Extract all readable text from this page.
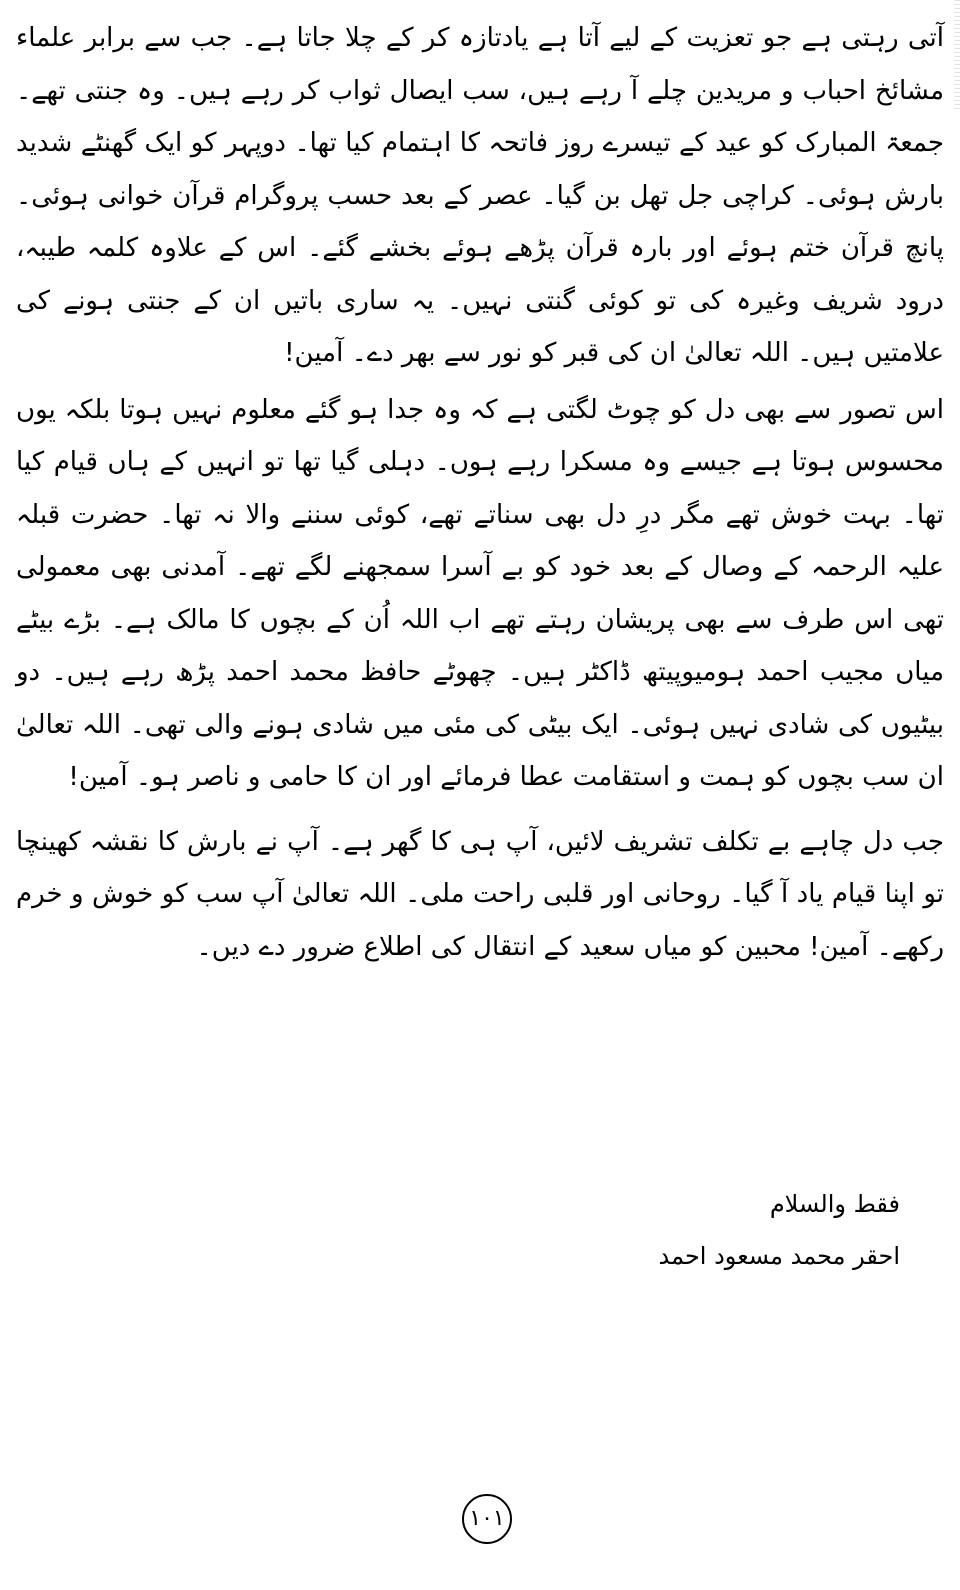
آتی رہتی ہے جو تعزیت کے لیے آتا ہے یادتازہ کر کے چلا جاتا ہے۔ جب سے برابر علماء مشائخ احباب و مریدین چلے آ رہے ہیں، سب ایصال ثواب کر رہے ہیں۔ وہ جنتی تھے۔ جمعۃ المبارک کو عید کے تیسرے روز فاتحہ کا اہتمام کیا تھا۔ دوپہر کو ایک گھنٹے شدید بارش ہوئی۔ کراچی جل تھل بن گیا۔ عصر کے بعد حسب پروگرام قرآن خوانی ہوئی۔ پانچ قرآن ختم ہوئے اور بارہ قرآن پڑھے ہوئے بخشے گئے۔ اس کے علاوہ کلمہ طیبہ، درود شریف وغیرہ کی تو کوئی گنتی نہیں۔ یہ ساری باتیں ان کے جنتی ہونے کی علامتیں ہیں۔ اللہ تعالیٰ ان کی قبر کو نور سے بھر دے۔ آمین!

اس تصور سے بھی دل کو چوٹ لگتی ہے کہ وہ جدا ہو گئے معلوم نہیں ہوتا بلکہ یوں محسوس ہوتا ہے جیسے وہ مسکرا رہے ہوں۔ دہلی گیا تھا تو انہیں کے ہاں قیام کیا تھا۔ بہت خوش تھے مگر درِ دل بھی سناتے تھے، کوئی سننے والا نہ تھا۔ حضرت قبلہ علیہ الرحمہ کے وصال کے بعد خود کو بے آسرا سمجھنے لگے تھے۔ آمدنی بھی معمولی تھی اس طرف سے بھی پریشان رہتے تھے اب اللہ اُن کے بچوں کا مالک ہے۔ بڑے بیٹے میاں مجیب احمد ہومیوپیتھ ڈاکٹر ہیں۔ چھوٹے حافظ محمد احمد پڑھ رہے ہیں۔ دو بیٹیوں کی شادی نہیں ہوئی۔ ایک بیٹی کی مئی میں شادی ہونے والی تھی۔ اللہ تعالیٰ ان سب بچوں کو ہمت و استقامت عطا فرمائے اور ان کا حامی و ناصر ہو۔ آمین!

جب دل چاہے بے تکلف تشریف لائیں، آپ ہی کا گھر ہے۔ آپ نے بارش کا نقشہ کھینچا تو اپنا قیام یاد آ گیا۔ روحانی اور قلبی راحت ملی۔ اللہ تعالیٰ آپ سب کو خوش و خرم رکھے۔ آمین! محبین کو میاں سعید کے انتقال کی اطلاع ضرور دے دیں۔

فقط والسلام

احقر محمد مسعود احمد

۱۰۱
